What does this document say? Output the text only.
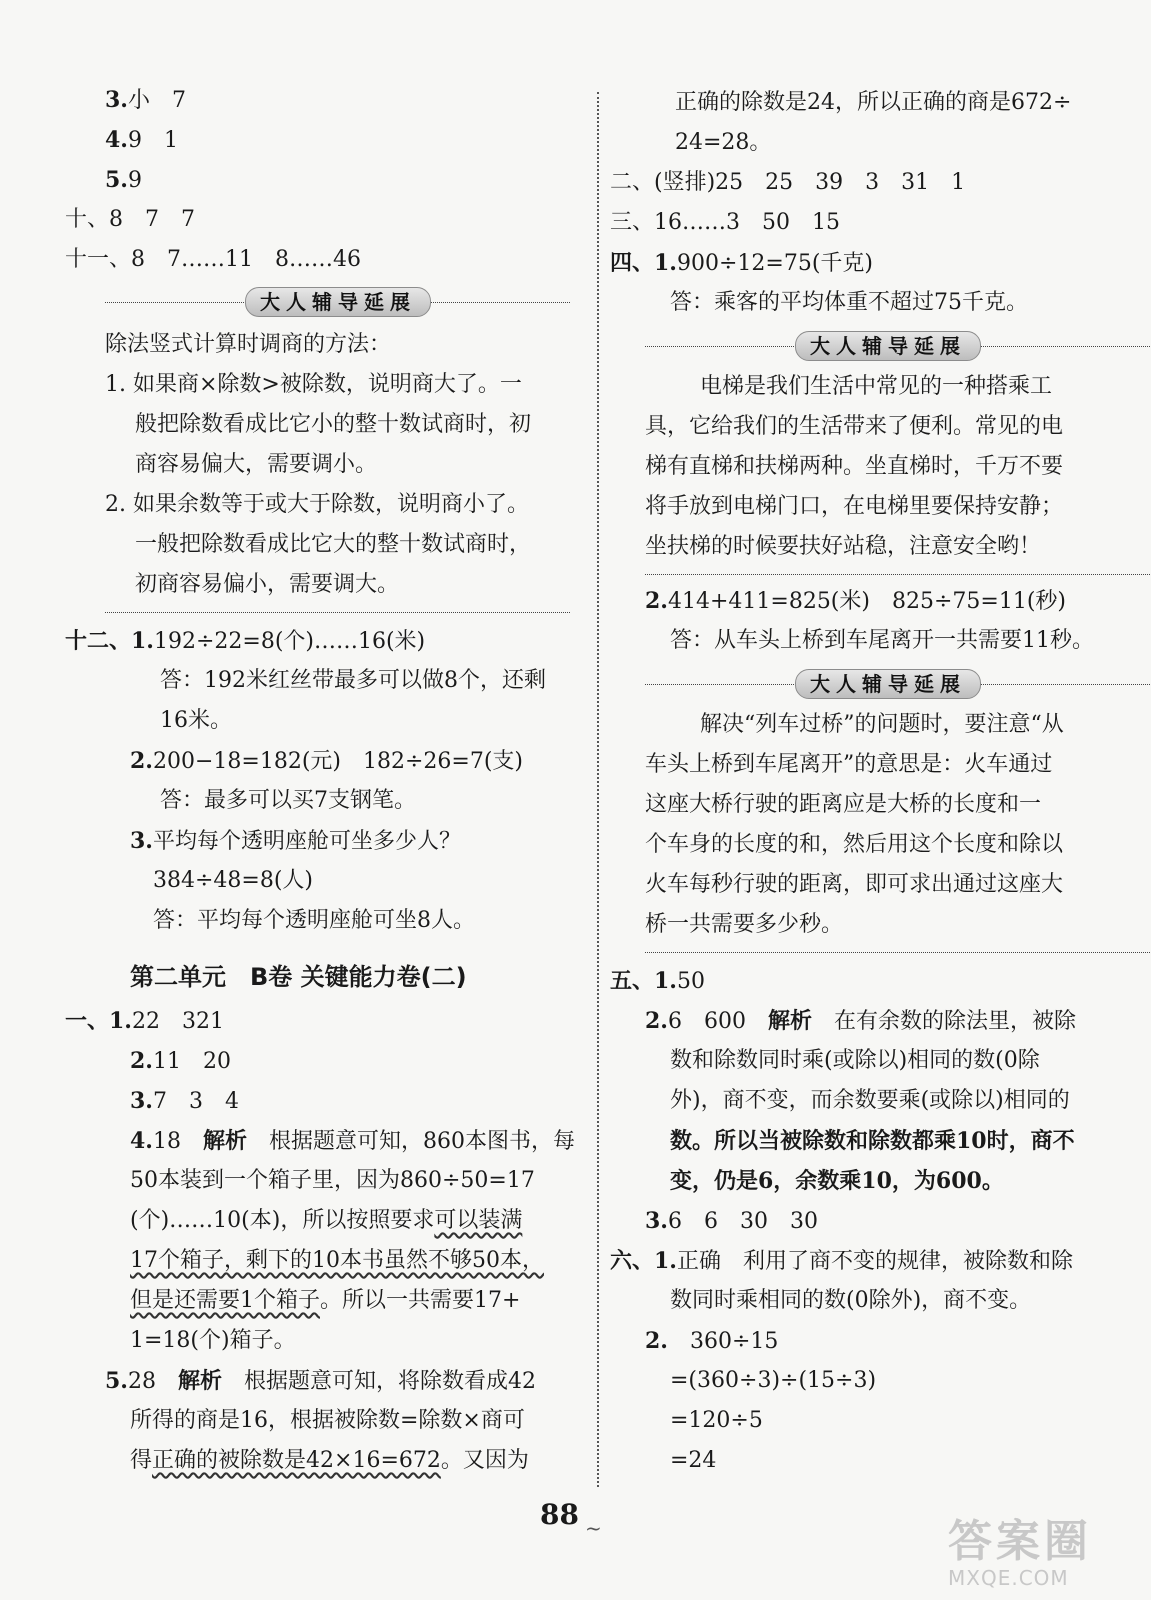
3.小　7
4.9　1
5.9
十、8　7　7
十一、8　7……11　8……46
大人辅导延展
除法竖式计算时调商的方法：
1. 如果商×除数>被除数，说明商大了。一
般把除数看成比它小的整十数试商时，初
商容易偏大，需要调小。
2. 如果余数等于或大于除数，说明商小了。
一般把除数看成比它大的整十数试商时，
初商容易偏小，需要调大。
十二、1.192÷22=8(个)……16(米)
答：192米红丝带最多可以做8个，还剩
16米。
2.200−18=182(元)　182÷26=7(支)
答：最多可以买7支钢笔。
3.平均每个透明座舱可坐多少人？
384÷48=8(人)
答：平均每个透明座舱可坐8人。
第二单元　B卷 关键能力卷(二)
一、1.22　321
2.11　20
3.7　3　4
4.18　 解析　 根据题意可知，860本图书，每
50本装到一个箱子里，因为860÷50=17
(个)……10(本)，所以按照要求可以装满
17个箱子，剩下的10本书虽然不够50本，
但是还需要1个箱子。所以一共需要17+
1=18(个)箱子。
5.28　 解析　 根据题意可知，将除数看成42
所得的商是16，根据被除数=除数×商可
得正确的被除数是42×16=672。又因为
正确的除数是24，所以正确的商是672÷
24=28。
二、(竖排)25　25　39　3　31　1
三、16……3　50　15
四、1.900÷12=75(千克)
答：乘客的平均体重不超过75千克。
大人辅导延展
电梯是我们生活中常见的一种搭乘工
具，它给我们的生活带来了便利。常见的电
梯有直梯和扶梯两种。坐直梯时，千万不要
将手放到电梯门口，在电梯里要保持安静；
坐扶梯的时候要扶好站稳，注意安全哟！
2.414+411=825(米)　825÷75=11(秒)
答：从车头上桥到车尾离开一共需要11秒。
大人辅导延展
解决“列车过桥”的问题时，要注意“从
车头上桥到车尾离开”的意思是：火车通过
这座大桥行驶的距离应是大桥的长度和一
个车身的长度的和，然后用这个长度和除以
火车每秒行驶的距离，即可求出通过这座大
桥一共需要多少秒。
五、1.50
2.6　600　 解析　 在有余数的除法里，被除
数和除数同时乘(或除以)相同的数(0除
外)，商不变，而余数要乘(或除以)相同的
数。所以当被除数和除数都乘10时，商不
变，仍是6，余数乘10，为600。
3.6　6　30　30
六、1.正确　 利用了商不变的规律，被除数和除
数同时乘相同的数(0除外)，商不变。
2.　 360÷15
=(360÷3)÷(15÷3)
=120÷5
=24
88 ~	答案圈
MXQE.COM
